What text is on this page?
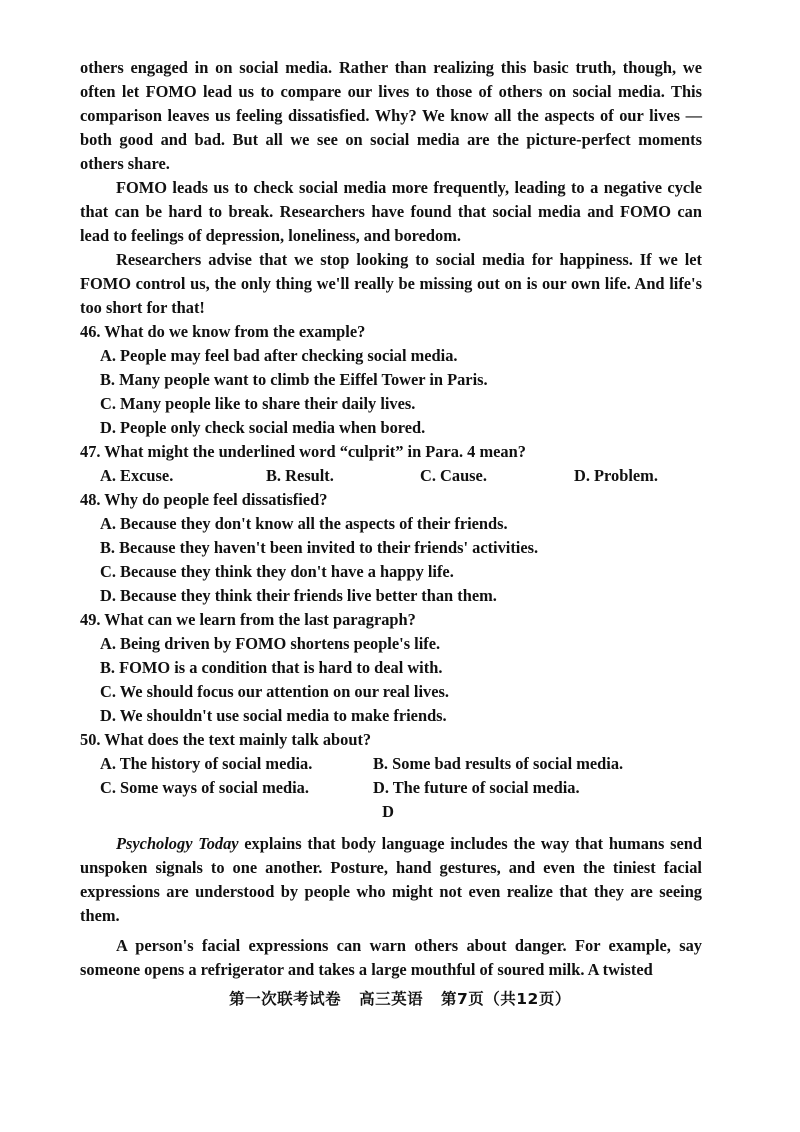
others engaged in on social media. Rather than realizing this basic truth, though, we often let FOMO lead us to compare our lives to those of others on social media. This comparison leaves us feeling dissatisfied. Why? We know all the aspects of our lives — both good and bad. But all we see on social media are the picture-perfect moments others share.

FOMO leads us to check social media more frequently, leading to a negative cycle that can be hard to break. Researchers have found that social media and FOMO can lead to feelings of depression, loneliness, and boredom.

Researchers advise that we stop looking to social media for happiness. If we let FOMO control us, the only thing we'll really be missing out on is our own life. And life's too short for that!

46. What do we know from the example?

A. People may feel bad after checking social media.

B. Many people want to climb the Eiffel Tower in Paris.

C. Many people like to share their daily lives.

D. People only check social media when bored.

47. What might the underlined word “culprit” in Para. 4 mean?

A. Excuse.	B. Result.	C. Cause.	D. Problem.

48. Why do people feel dissatisfied?

A. Because they don't know all the aspects of their friends.

B. Because they haven't been invited to their friends' activities.

C. Because they think they don't have a happy life.

D. Because they think their friends live better than them.

49. What can we learn from the last paragraph?

A. Being driven by FOMO shortens people's life.

B. FOMO is a condition that is hard to deal with.

C. We should focus our attention on our real lives.

D. We shouldn't use social media to make friends.

50. What does the text mainly talk about?

A. The history of social media.	B. Some bad results of social media.
C. Some ways of social media.	D. The future of social media.

D

Psychology Today explains that body language includes the way that humans send unspoken signals to one another. Posture, hand gestures, and even the tiniest facial expressions are understood by people who might not even realize that they are seeing them.

A person's facial expressions can warn others about danger. For example, say someone opens a refrigerator and takes a large mouthful of soured milk. A twisted

第一次联考试卷 高三英语 第7页（共12页）
